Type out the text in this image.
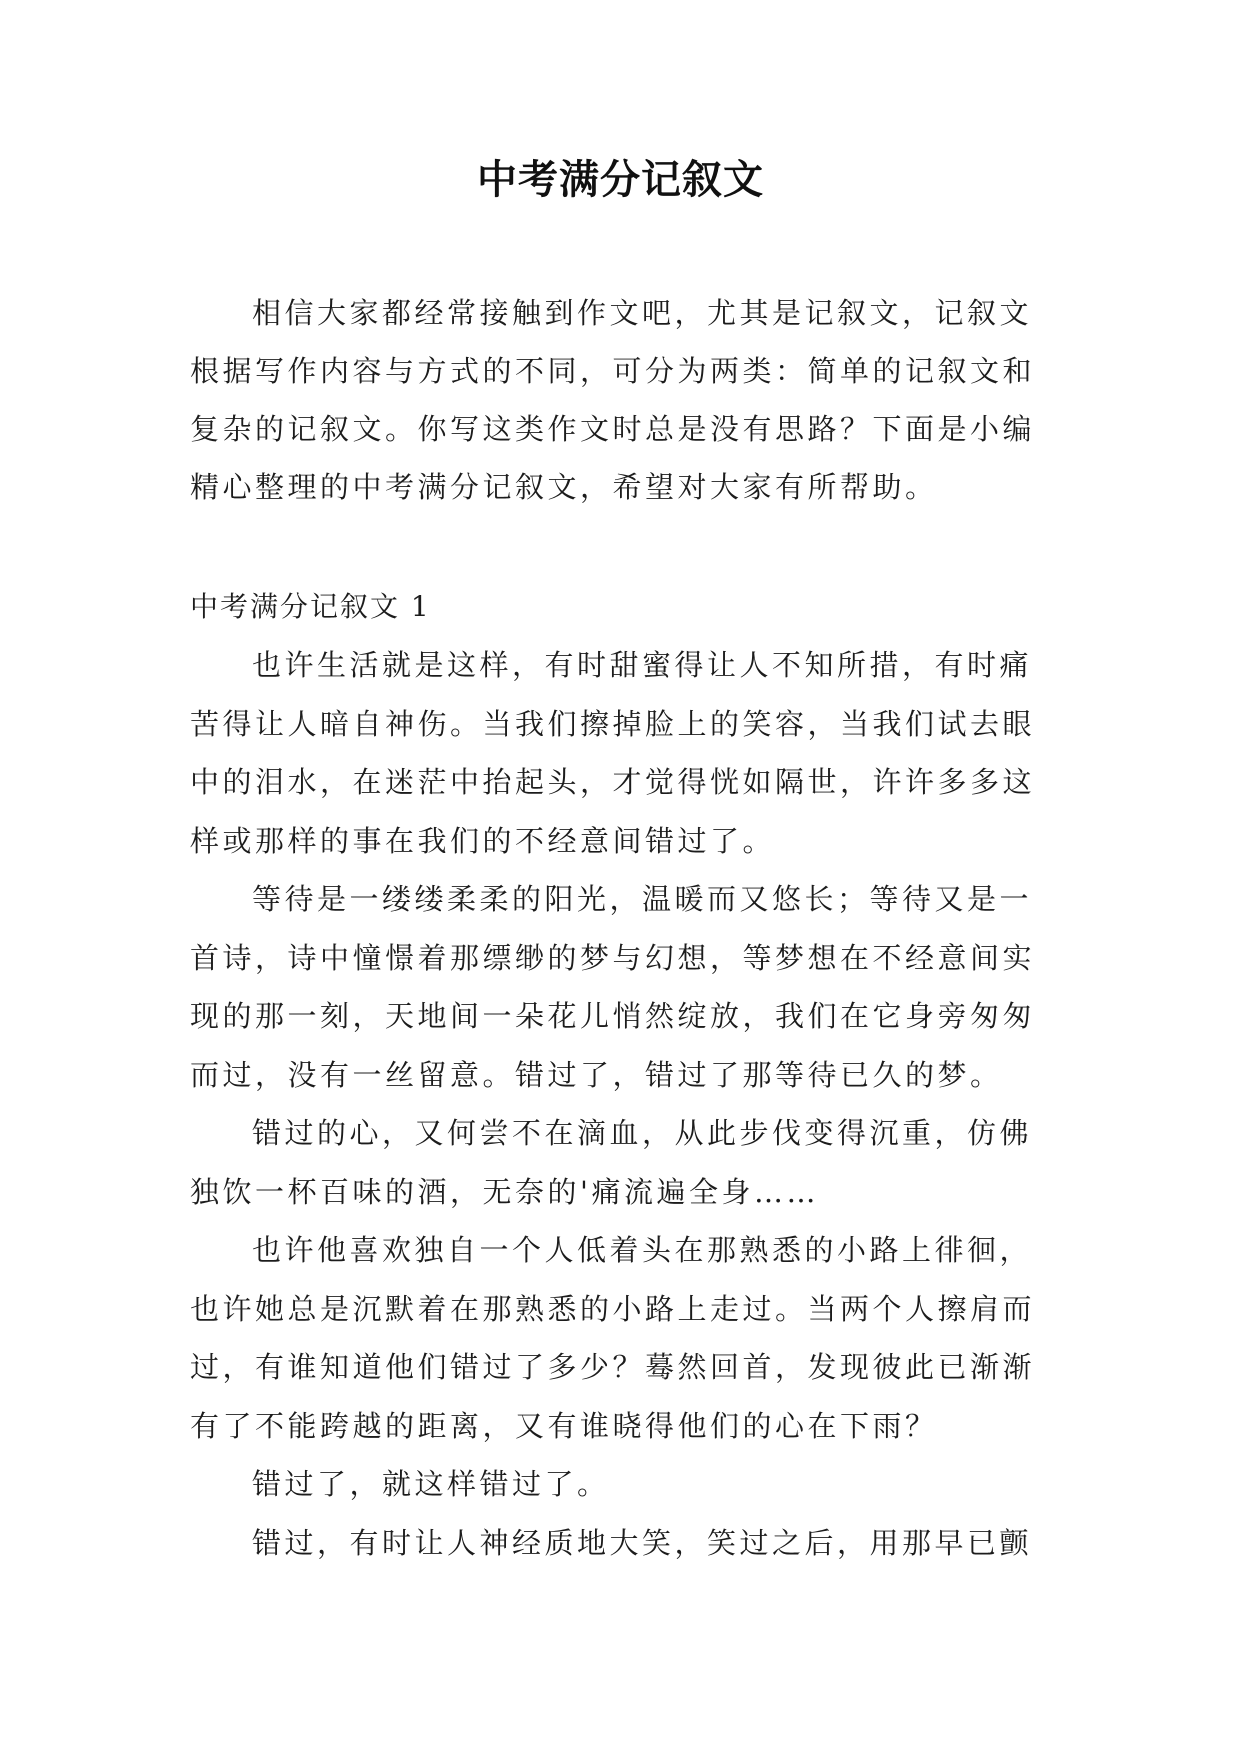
中考满分记叙文
相信大家都经常接触到作文吧，尤其是记叙文，记叙文根据写作内容与方式的不同，可分为两类：简单的记叙文和复杂的记叙文。你写这类作文时总是没有思路？下面是小编精心整理的中考满分记叙文，希望对大家有所帮助。
中考满分记叙文 1

也许生活就是这样，有时甜蜜得让人不知所措，有时痛苦得让人暗自神伤。当我们擦掉脸上的笑容，当我们试去眼中的泪水，在迷茫中抬起头，才觉得恍如隔世，许许多多这样或那样的事在我们的不经意间错过了。

等待是一缕缕柔柔的阳光，温暖而又悠长；等待又是一首诗，诗中憧憬着那缥缈的梦与幻想，等梦想在不经意间实现的那一刻，天地间一朵花儿悄然绽放，我们在它身旁匆匆而过，没有一丝留意。错过了，错过了那等待已久的梦。

错过的心，又何尝不在滴血，从此步伐变得沉重，仿佛独饮一杯百味的酒，无奈的'痛流遍全身……

也许他喜欢独自一个人低着头在那熟悉的小路上徘徊，也许她总是沉默着在那熟悉的小路上走过。当两个人擦肩而过，有谁知道他们错过了多少？蓦然回首，发现彼此已渐渐有了不能跨越的距离，又有谁晓得他们的心在下雨？

错过了，就这样错过了。

错过，有时让人神经质地大笑，笑过之后，用那早已颤
